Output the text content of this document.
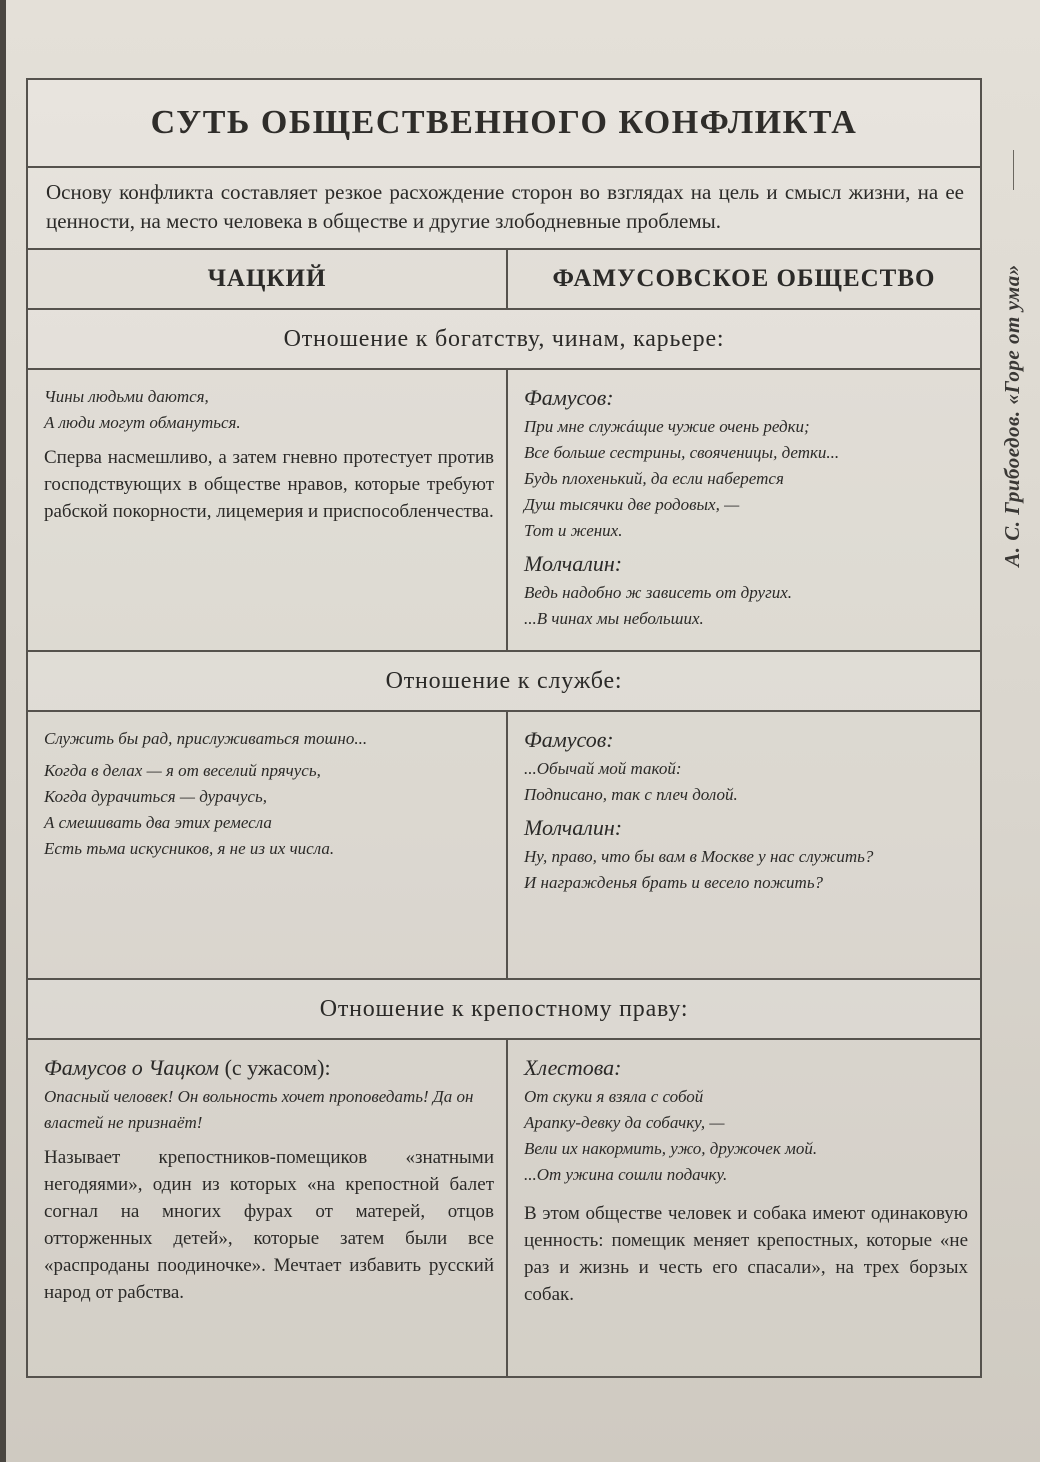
А. С. Грибоедов. «Горе от ума»
СУТЬ ОБЩЕСТВЕННОГО КОНФЛИКТА
Основу конфликта составляет резкое расхождение сторон во взглядах на цель и смысл жизни, на ее ценности, на место человека в обществе и другие злободневные проблемы.
ЧАЦКИЙ	ФАМУСОВСКОЕ ОБЩЕСТВО
Отношение к богатству, чинам, карьере:

Чины людьми даются,

А люди могут обмануться.

Сперва насмешливо, а затем гневно протестует против господствующих в обществе нравов, которые требуют рабской покорности, лицемерия и приспособленчества.

Фамусов:

При мне служáщие чужие очень редки;

Все больше сестрины, свояченицы, детки...

Будь плохенький, да если наберется

Душ тысячки две родовых, —

Тот и жених.

Молчалин:

Ведь надобно ж зависеть от других.

...В чинах мы небольших.

Отношение к службе:

Служить бы рад, прислуживаться тошно...

Когда в делах — я от веселий прячусь,

Когда дурачиться — дурачусь,

А смешивать два этих ремесла

Есть тьма искусников, я не из их числа.

Фамусов:

...Обычай мой такой:

Подписано, так с плеч долой.

Молчалин:

Ну, право, что бы вам в Москве у нас служить?

И награжденья брать и весело пожить?

Отношение к крепостному праву:
Фамусов о Чацком (с ужасом):

Опасный человек! Он вольность хочет проповедать! Да он властей не признаёт!

Называет крепостников-помещиков «знатными негодяями», один из которых «на крепостной балет согнал на многих фурах от матерей, отцов отторженных детей», которые затем были все «распроданы поодиночке». Мечтает избавить русский народ от рабства.

Хлестова:

От скуки я взяла с собой

Арапку-девку да собачку, —

Вели их накормить, ужо, дружочек мой.

...От ужина сошли подачку.

В этом обществе человек и собака имеют одинаковую ценность: помещик меняет крепостных, которые «не раз и жизнь и честь его спасали», на трех борзых собак.
